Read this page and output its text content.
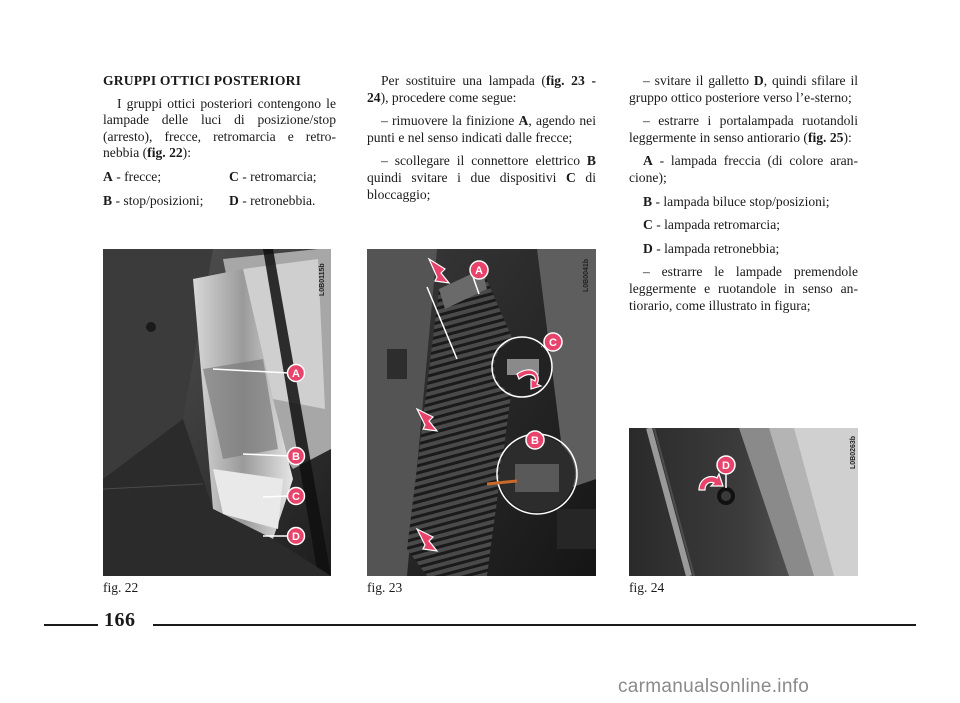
GRUPPI OTTICI POSTERIORI

I gruppi ottici posteriori contengono le lampade delle luci di posizione/stop (arresto), frecce, retromarcia e retro-nebbia (fig. 22):

A - frecce;	C - retromarcia;
B - stop/posizioni;	D - retronebbia.

Per sostituire una lampada (fig. 23 - 24), procedere come segue:

– rimuovere la finizione A, agendo nei punti e nel senso indicati dalle frecce;

– scollegare il connettore elettrico B quindi svitare i due dispositivi C di bloccaggio;

– svitare il galletto D, quindi sfilare il gruppo ottico posteriore verso l’e-sterno;

– estrarre i portalampada ruotandoli leggermente in senso antiorario (fig. 25):

A - lampada freccia (di colore aran-cione);

B - lampada biluce stop/posizioni;

C - lampada retromarcia;

D - lampada retronebbia;

– estrarre le lampade premendole leggermente e ruotandole in senso an-tiorario, come illustrato in figura;

A
B
C
D
L0B0115b	A
C
B
L0B0041b
D	L0B0263b
fig. 22	fig. 23	fig. 24
166
carmanualsonline.info
